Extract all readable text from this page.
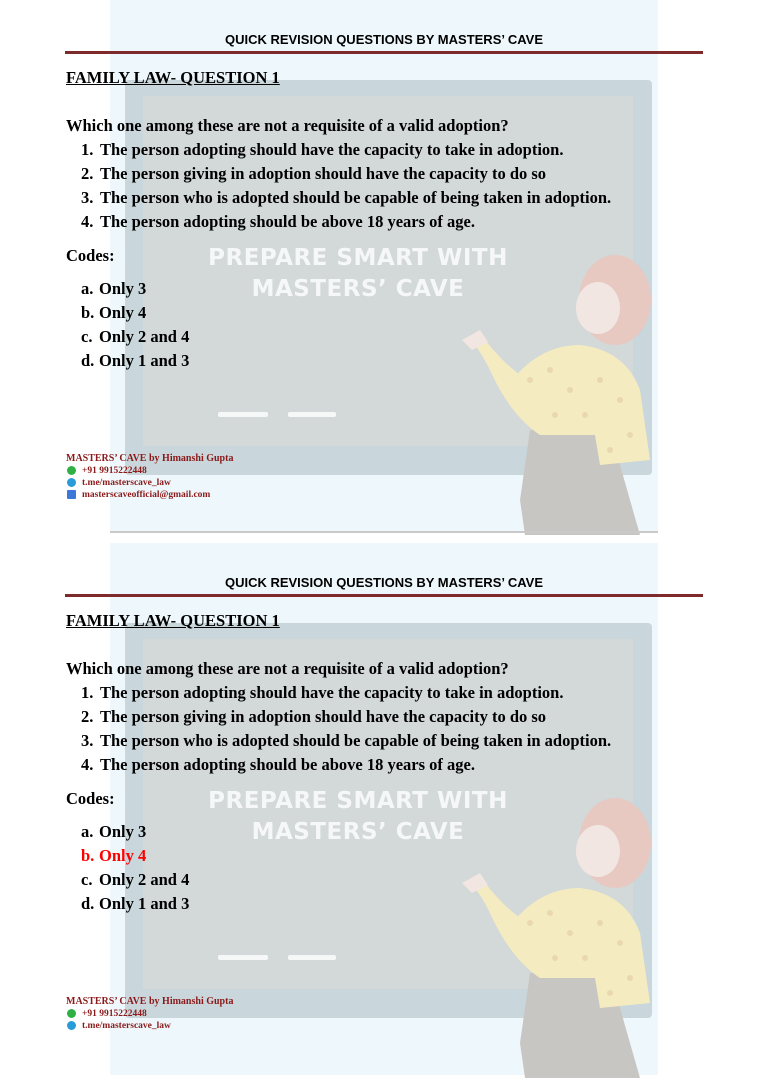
PREPARE SMART WITH
MASTERS’ CAVE
QUICK REVISION QUESTIONS BY MASTERS’ CAVE
FAMILY LAW- QUESTION 1
Which one among these are not a requisite of a valid adoption?
1. The person adopting should have the capacity to take in adoption.
2. The person giving in adoption should have the capacity to do so
3. The person who is adopted should be capable of being taken in adoption.
4. The person adopting should be above 18 years of age.
Codes:
a. Only 3
b. Only 4
c. Only 2 and 4
d. Only 1 and 3
MASTERS’ CAVE by Himanshi Gupta
+91 9915222448
t.me/masterscave_law
masterscaveofficial@gmail.com
PREPARE SMART WITH
MASTERS’ CAVE
QUICK REVISION QUESTIONS BY MASTERS’ CAVE
FAMILY LAW- QUESTION 1
Which one among these are not a requisite of a valid adoption?
1. The person adopting should have the capacity to take in adoption.
2. The person giving in adoption should have the capacity to do so
3. The person who is adopted should be capable of being taken in adoption.
4. The person adopting should be above 18 years of age.
Codes:
a. Only 3
b. Only 4
c. Only 2 and 4
d. Only 1 and 3
MASTERS’ CAVE by Himanshi Gupta
+91 9915222448
t.me/masterscave_law
